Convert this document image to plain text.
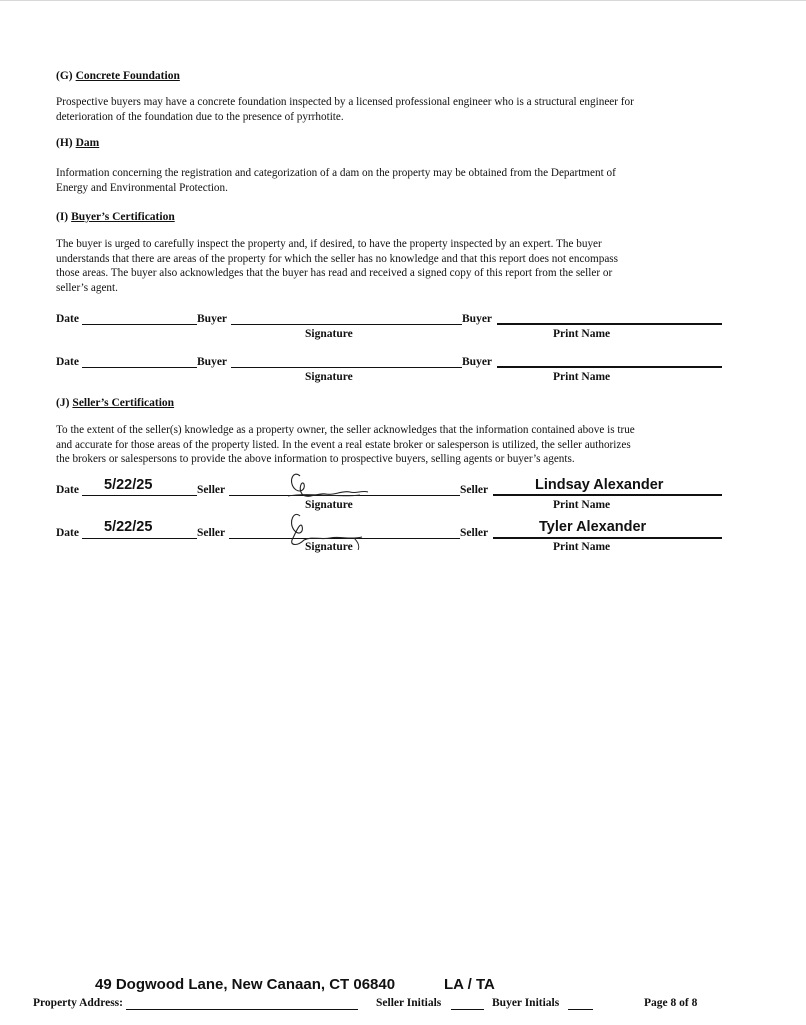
(G) Concrete Foundation

Prospective buyers may have a concrete foundation inspected by a licensed professional engineer who is a structural engineer for

deterioration of the foundation due to the presence of pyrrhotite.

(H) Dam

Information concerning the registration and categorization of a dam on the property may be obtained from the Department of

Energy and Environmental Protection.

(I) Buyer’s Certification

The buyer is urged to carefully inspect the property and, if desired, to have the property inspected by an expert. The buyer

understands that there are areas of the property for which the seller has no knowledge and that this report does not encompass

those areas. The buyer also acknowledges that the buyer has read and received a signed copy of this report from the seller or

seller’s agent.

Date	Buyer	Buyer
Signature	Print Name
Date	Buyer	Buyer
Signature	Print Name
(J) Seller’s Certification

To the extent of the seller(s) knowledge as a property owner, the seller acknowledges that the information contained above is true

and accurate for those areas of the property listed. In the event a real estate broker or salesperson is utilized, the seller authorizes

the brokers or salespersons to provide the above information to prospective buyers, selling agents or buyer’s agents.

Date 5/22/25	Seller	Seller	Lindsay Alexander
Signature	Print Name
Date 5/22/25	Seller	Seller	Tyler Alexander
Signature	Print Name
49 Dogwood Lane, New Canaan, CT 06840	LA / TA
Property Address:	Seller Initials	Buyer Initials	Page 8 of 8
